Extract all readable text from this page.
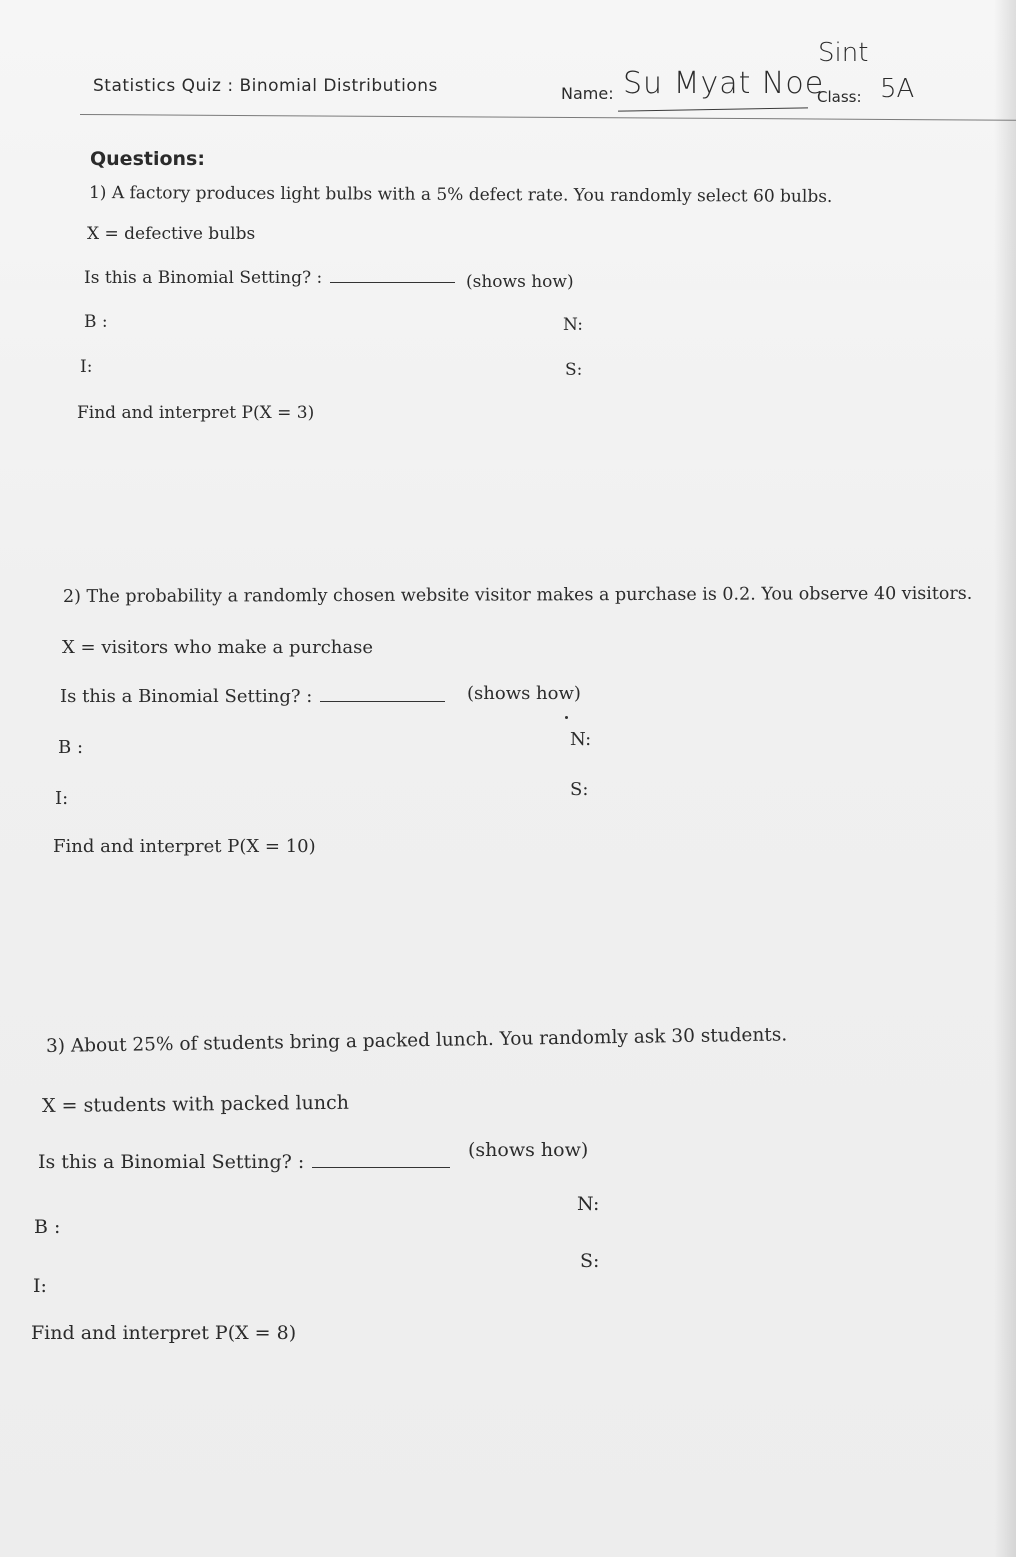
Statistics Quiz : Binomial Distributions	Name: Su Myat Noe
Sint
Class: 5A
Questions:
1) A factory produces light bulbs with a 5% defect rate. You randomly select 60 bulbs.
X = defective bulbs
Is this a Binomial Setting? :	(shows how)
B :	N:
I:	S:
Find and interpret P(X = 3)
2) The probability a randomly chosen website visitor makes a purchase is 0.2. You observe 40 visitors.
X = visitors who make a purchase
Is this a Binomial Setting? :	(shows how)
B :	N:
I:	S:
Find and interpret P(X = 10)
3) About 25% of students bring a packed lunch. You randomly ask 30 students.
X = students with packed lunch
Is this a Binomial Setting? :
(shows how)
B :
N:
I:
S:
Find and interpret P(X = 8)
